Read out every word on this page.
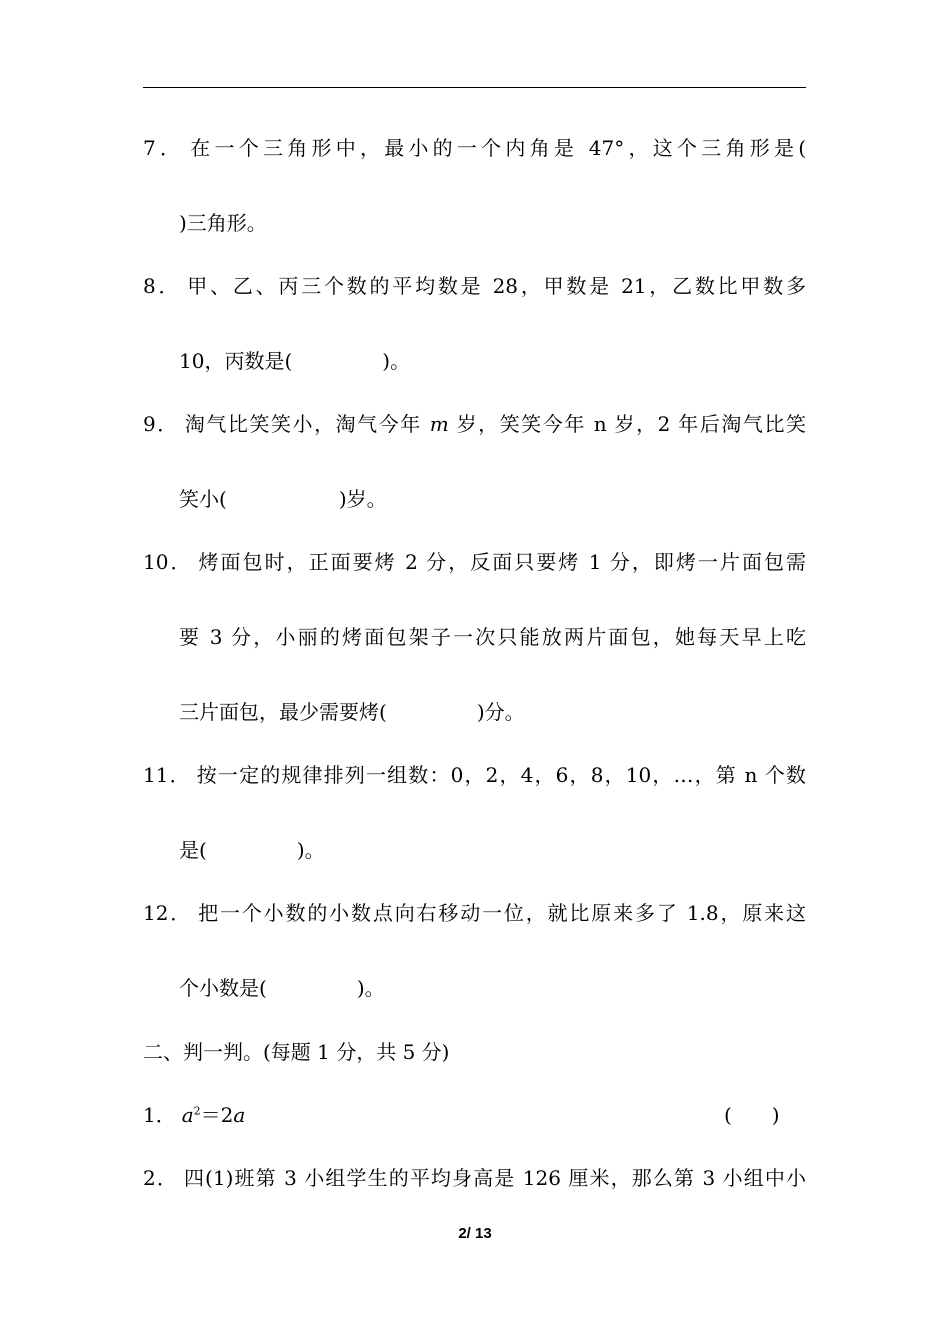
7． 在一个三角形中，最小的一个内角是 47°，这个三角形是(
)三角形。
8． 甲、乙、丙三个数的平均数是 28，甲数是 21，乙数比甲数多
10，丙数是(	)。
9． 淘气比笑笑小，淘气今年 m 岁，笑笑今年 n 岁，2 年后淘气比笑
笑小(	)岁。
10． 烤面包时，正面要烤 2 分，反面只要烤 1 分，即烤一片面包需
要 3 分，小丽的烤面包架子一次只能放两片面包，她每天早上吃
三片面包，最少需要烤(	)分。
11． 按一定的规律排列一组数：0，2，4，6，8，10，…，第 n 个数
是(	)。
12． 把一个小数的小数点向右移动一位，就比原来多了 1.8，原来这
个小数是(	)。
二、判一判。(每题 1 分，共 5 分)
1． $a^2=2a$	(　　)
2． 四(1)班第 3 小组学生的平均身高是 126 厘米，那么第 3 小组中小
2/ 13
